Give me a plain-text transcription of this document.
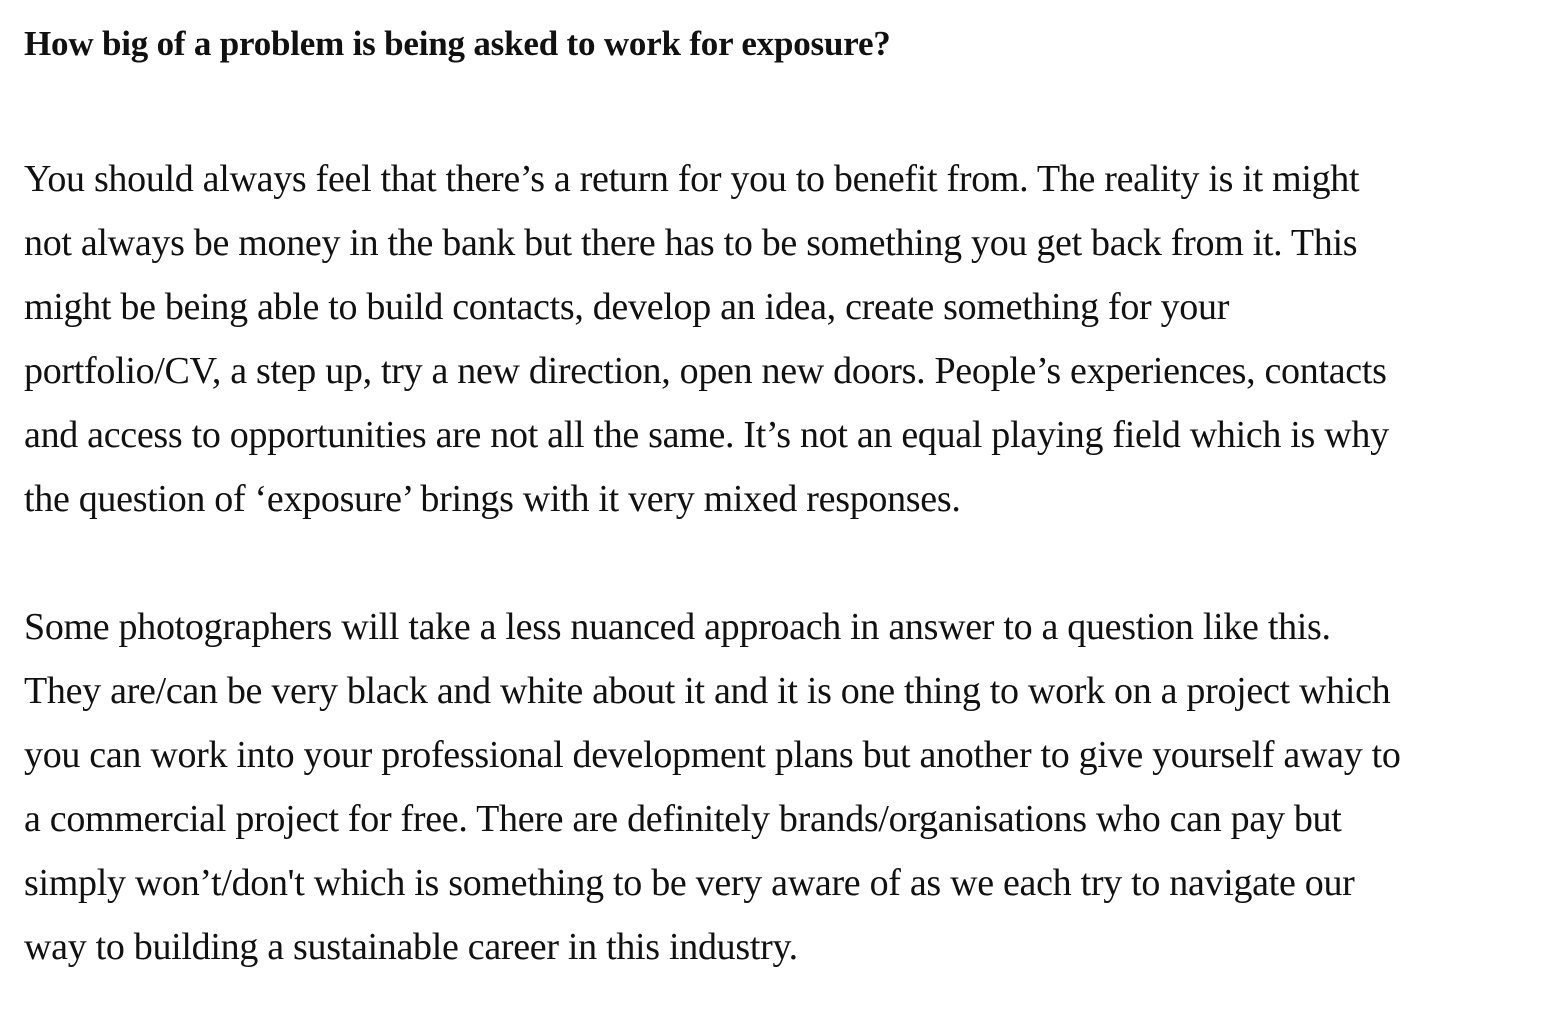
How big of a problem is being asked to work for exposure?

You should always feel that there’s a return for you to benefit from. The reality is it might
not always be money in the bank but there has to be something you get back from it. This
might be being able to build contacts, develop an idea, create something for your
portfolio/CV, a step up, try a new direction, open new doors. People’s experiences, contacts
and access to opportunities are not all the same. It’s not an equal playing field which is why
the question of ‘exposure’ brings with it very mixed responses.

Some photographers will take a less nuanced approach in answer to a question like this.
They are/can be very black and white about it and it is one thing to work on a project which
you can work into your professional development plans but another to give yourself away to
a commercial project for free. There are definitely brands/organisations who can pay but
simply won’t/don't which is something to be very aware of as we each try to navigate our
way to building a sustainable career in this industry.
